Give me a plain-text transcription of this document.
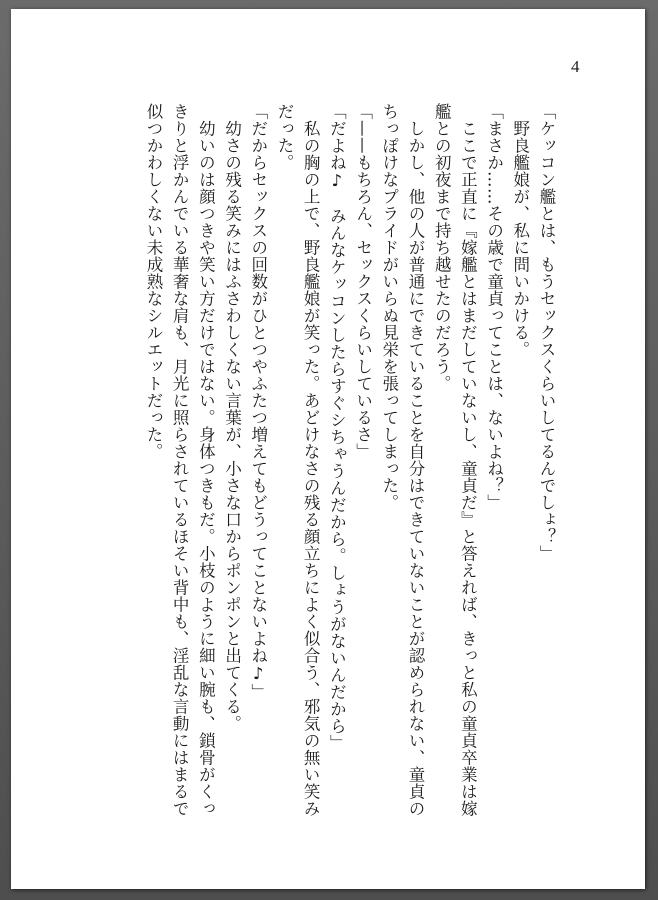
4

「ケッコン艦とは、もうセックスくらいしてるんでしょ？」

　野良艦娘が、私に問いかける。

「まさか……その歳で童貞ってことは、ないよね？」

　ここで正直に『嫁艦とはまだしていないし、童貞だ』と答えれば、きっと私の童貞卒業は嫁艦との初夜まで持ち越せたのだろう。

　しかし、他の人が普通にできていることを自分はできていないことが認められない、童貞のちっぽけなプライドがいらぬ見栄を張ってしまった。

「——もちろん、セックスくらいしているさ」

「だよね♪　みんなケッコンしたらすぐシちゃうんだから。しょうがないんだから」

　私の胸の上で、野良艦娘が笑った。あどけなさの残る顔立ちによく似合う、邪気の無い笑みだった。

「だからセックスの回数がひとつやふたつ増えてもどうってことないよね♪」

　幼さの残る笑みにはふさわしくない言葉が、小さな口からポンポンと出てくる。

　幼いのは顔つきや笑い方だけではない。身体つきもだ。小枝のように細い腕も、鎖骨がくっきりと浮かんでいる華奢な肩も、月光に照らされているほそい背中も、淫乱な言動にはまるで似つかわしくない未成熟なシルエットだった。
